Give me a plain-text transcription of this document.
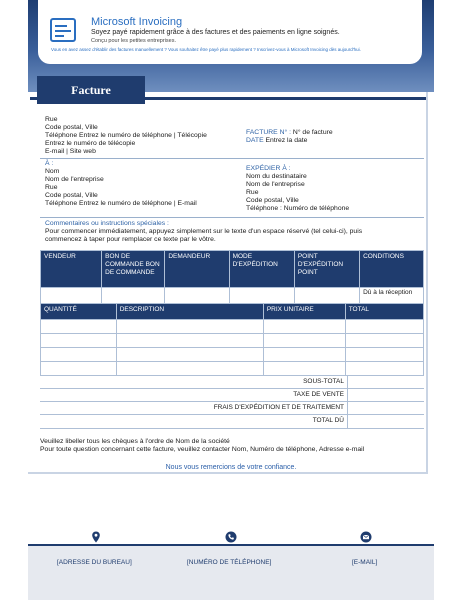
Microsoft Invoicing
Soyez payé rapidement grâce à des factures et des paiements en ligne soignés.
Conçu pour les petites entreprises.
Vous en avez assez d'établir des factures manuellement ? Vous souhaitez être payé plus rapidement ? Inscrivez-vous à Microsoft Invoicing dès aujourd'hui.
Facture
Rue
Code postal, Ville
Téléphone Entrez le numéro de téléphone | Télécopie
Entrez le numéro de télécopie
E-mail | Site web
FACTURE N° : N° de facture
DATE Entrez la date
À :
Nom
Nom de l'entreprise
Rue
Code postal, Ville
Téléphone Entrez le numéro de téléphone | E-mail
EXPÉDIER À :
Nom du destinataire
Nom de l'entreprise
Rue
Code postal, Ville
Téléphone : Numéro de téléphone
Commentaires ou instructions spéciales :
Pour commencer immédiatement, appuyez simplement sur le texte d'un espace réservé (tel celui-ci), puis
commencez à taper pour remplacer ce texte par le vôtre.
VENDEUR	BON DE COMMANDE BON DE COMMANDE	DEMANDEUR	MODE D'EXPÉDITION	POINT D'EXPÉDITION POINT	CONDITIONS
					Dû à la réception
QUANTITÉ	DESCRIPTION	PRIX UNITAIRE	TOTAL

SOUS-TOTAL
TAXE DE VENTE
FRAIS D'EXPÉDITION ET DE TRAITEMENT
TOTAL DÛ
Veuillez libeller tous les chèques à l'ordre de Nom de la société
Pour toute question concernant cette facture, veuillez contacter Nom, Numéro de téléphone, Adresse e-mail
Nous vous remercions de votre confiance.
[ADRESSE DU BUREAU]	[NUMÉRO DE TÉLÉPHONE]	[E-MAIL]
